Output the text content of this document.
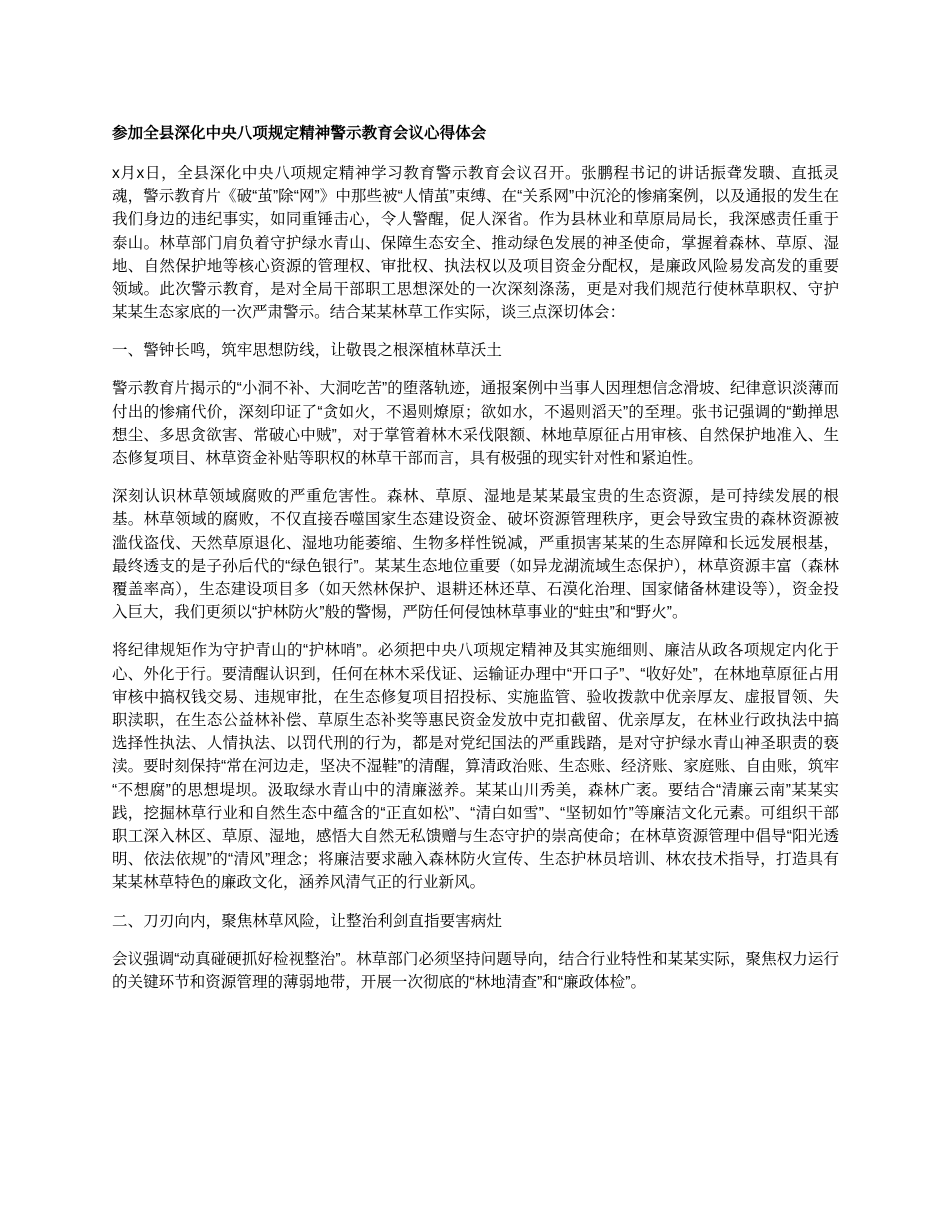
参加全县深化中央八项规定精神警示教育会议心得体会

x月x日，全县深化中央八项规定精神学习教育警示教育会议召开。张鹏程书记的讲话振聋发聩、直抵灵魂，警示教育片《破“茧”除“网”》中那些被“人情茧”束缚、在“关系网”中沉沦的惨痛案例，以及通报的发生在我们身边的违纪事实，如同重锤击心，令人警醒，促人深省。作为县林业和草原局局长，我深感责任重于泰山。林草部门肩负着守护绿水青山、保障生态安全、推动绿色发展的神圣使命，掌握着森林、草原、湿地、自然保护地等核心资源的管理权、审批权、执法权以及项目资金分配权，是廉政风险易发高发的重要领域。此次警示教育，是对全局干部职工思想深处的一次深刻涤荡，更是对我们规范行使林草职权、守护某某生态家底的一次严肃警示。结合某某林草工作实际，谈三点深切体会：

一、警钟长鸣，筑牢思想防线，让敬畏之根深植林草沃土

警示教育片揭示的“小洞不补、大洞吃苦”的堕落轨迹，通报案例中当事人因理想信念滑坡、纪律意识淡薄而付出的惨痛代价，深刻印证了“贪如火，不遏则燎原；欲如水，不遏则滔天”的至理。张书记强调的“勤掸思想尘、多思贪欲害、常破心中贼”，对于掌管着林木采伐限额、林地草原征占用审核、自然保护地准入、生态修复项目、林草资金补贴等职权的林草干部而言，具有极强的现实针对性和紧迫性。

深刻认识林草领域腐败的严重危害性。森林、草原、湿地是某某最宝贵的生态资源，是可持续发展的根基。林草领域的腐败，不仅直接吞噬国家生态建设资金、破坏资源管理秩序，更会导致宝贵的森林资源被滥伐盗伐、天然草原退化、湿地功能萎缩、生物多样性锐减，严重损害某某的生态屏障和长远发展根基，最终透支的是子孙后代的“绿色银行”。某某生态地位重要（如异龙湖流域生态保护），林草资源丰富（森林覆盖率高），生态建设项目多（如天然林保护、退耕还林还草、石漠化治理、国家储备林建设等），资金投入巨大，我们更须以“护林防火”般的警惕，严防任何侵蚀林草事业的“蛀虫”和“野火”。

将纪律规矩作为守护青山的“护林哨”。必须把中央八项规定精神及其实施细则、廉洁从政各项规定内化于心、外化于行。要清醒认识到，任何在林木采伐证、运输证办理中“开口子”、“收好处”，在林地草原征占用审核中搞权钱交易、违规审批，在生态修复项目招投标、实施监管、验收拨款中优亲厚友、虚报冒领、失职渎职，在生态公益林补偿、草原生态补奖等惠民资金发放中克扣截留、优亲厚友，在林业行政执法中搞选择性执法、人情执法、以罚代刑的行为，都是对党纪国法的严重践踏，是对守护绿水青山神圣职责的亵渎。要时刻保持“常在河边走，坚决不湿鞋”的清醒，算清政治账、生态账、经济账、家庭账、自由账，筑牢“不想腐”的思想堤坝。汲取绿水青山中的清廉滋养。某某山川秀美，森林广袤。要结合“清廉云南”某某实践，挖掘林草行业和自然生态中蕴含的“正直如松”、“清白如雪”、“坚韧如竹”等廉洁文化元素。可组织干部职工深入林区、草原、湿地，感悟大自然无私馈赠与生态守护的崇高使命；在林草资源管理中倡导“阳光透明、依法依规”的“清风”理念；将廉洁要求融入森林防火宣传、生态护林员培训、林农技术指导，打造具有某某林草特色的廉政文化，涵养风清气正的行业新风。

二、刀刃向内，聚焦林草风险，让整治利剑直指要害病灶

会议强调“动真碰硬抓好检视整治”。林草部门必须坚持问题导向，结合行业特性和某某实际，聚焦权力运行的关键环节和资源管理的薄弱地带，开展一次彻底的“林地清查”和“廉政体检”。
